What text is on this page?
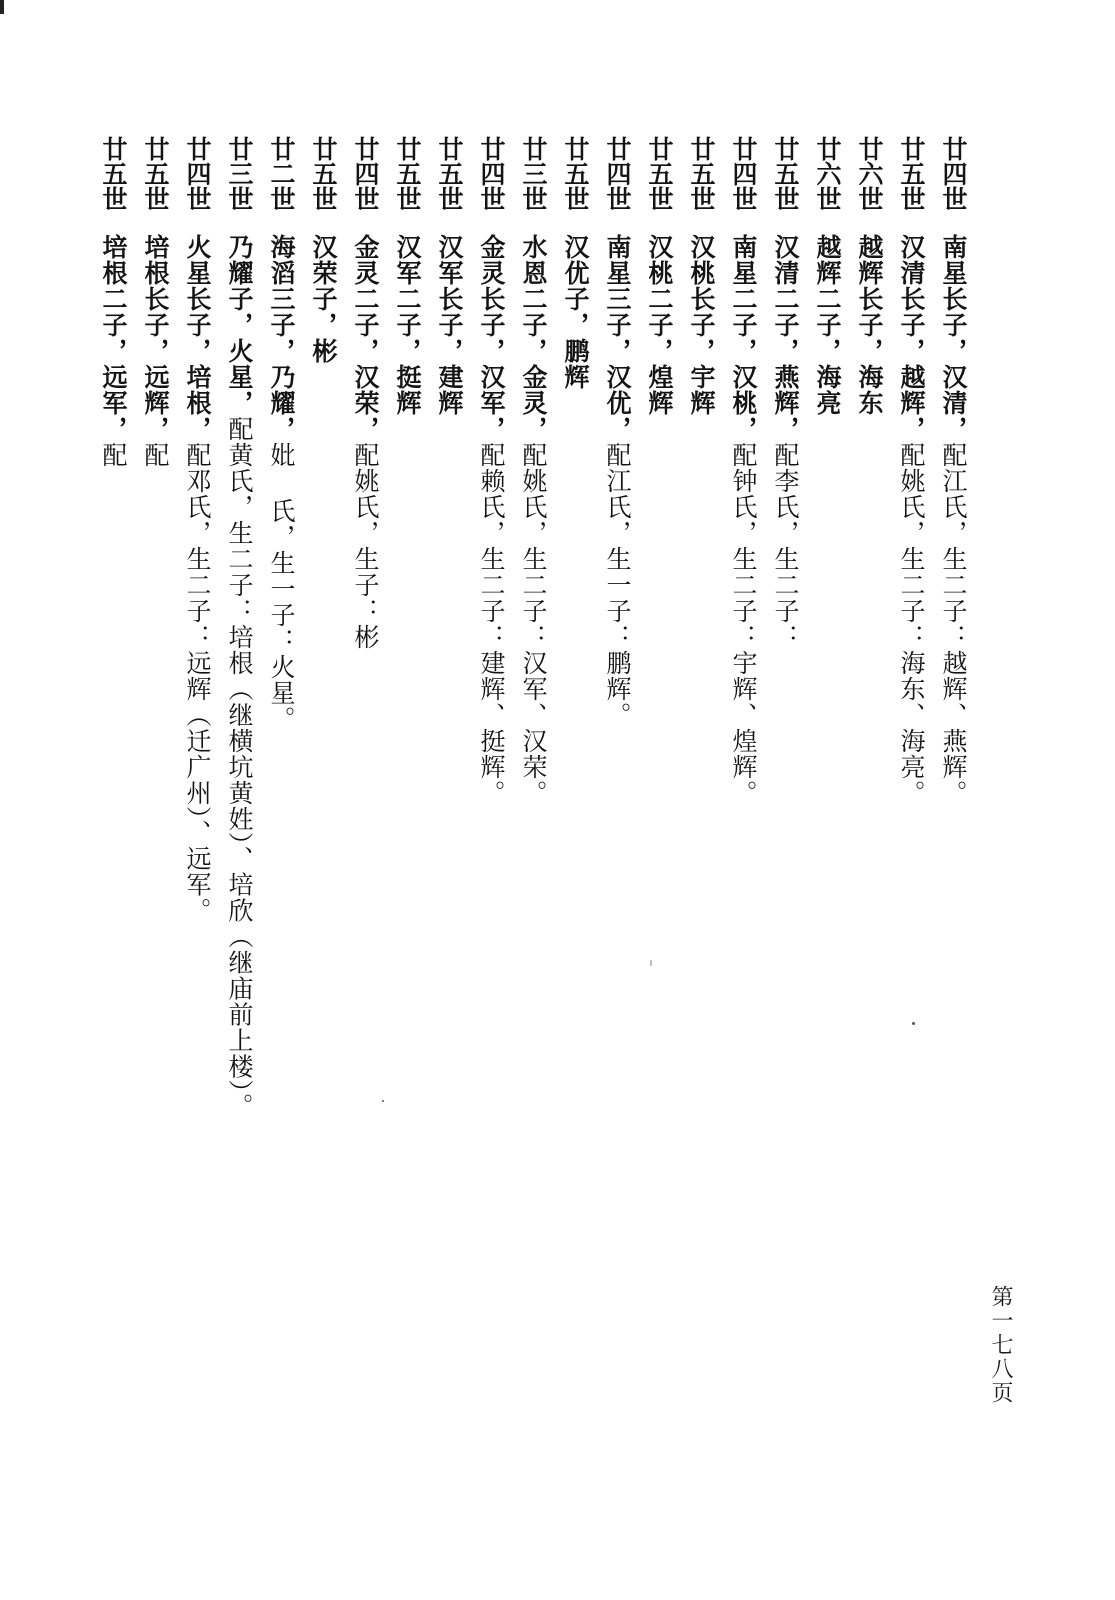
廿四世
南星长子，汉清，配江氏，生二子：越辉、燕辉。
廿五世
汉清长子，越辉，配姚氏，生二子：海东、海亮。
廿六世
越辉长子，海东
廿六世
越辉二子，海亮
廿五世
汉清二子，燕辉，配李氏，生二子：
廿四世
南星二子，汉桃，配钟氏，生二子：宇辉、煌辉。
廿五世
汉桃长子，宇辉
廿五世
汉桃二子，煌辉
廿四世
南星三子，汉优，配江氏，生一子：鹏辉。
廿五世
汉优子，鹏辉
廿三世
水恩二子，金灵，配姚氏，生二子：汉军、汉荣。
廿四世
金灵长子，汉军，配赖氏，生二子：建辉、挺辉。
廿五世
汉军长子，建辉
廿五世
汉军二子，挺辉
廿四世
金灵二子，汉荣，配姚氏，生子：彬
廿五世
汉荣子，彬
廿二世
海滔三子，乃耀，妣 氏，生一子：火星。
廿三世
乃耀子，火星，配黄氏，生二子：培根（继横坑黄姓）、培欣（继庙前上楼）。
廿四世
火星长子，培根，配邓氏，生二子：远辉（迁广州）、远军。
廿五世
培根长子，远辉，配
廿五世
培根二子，远军，配
第一七八页
